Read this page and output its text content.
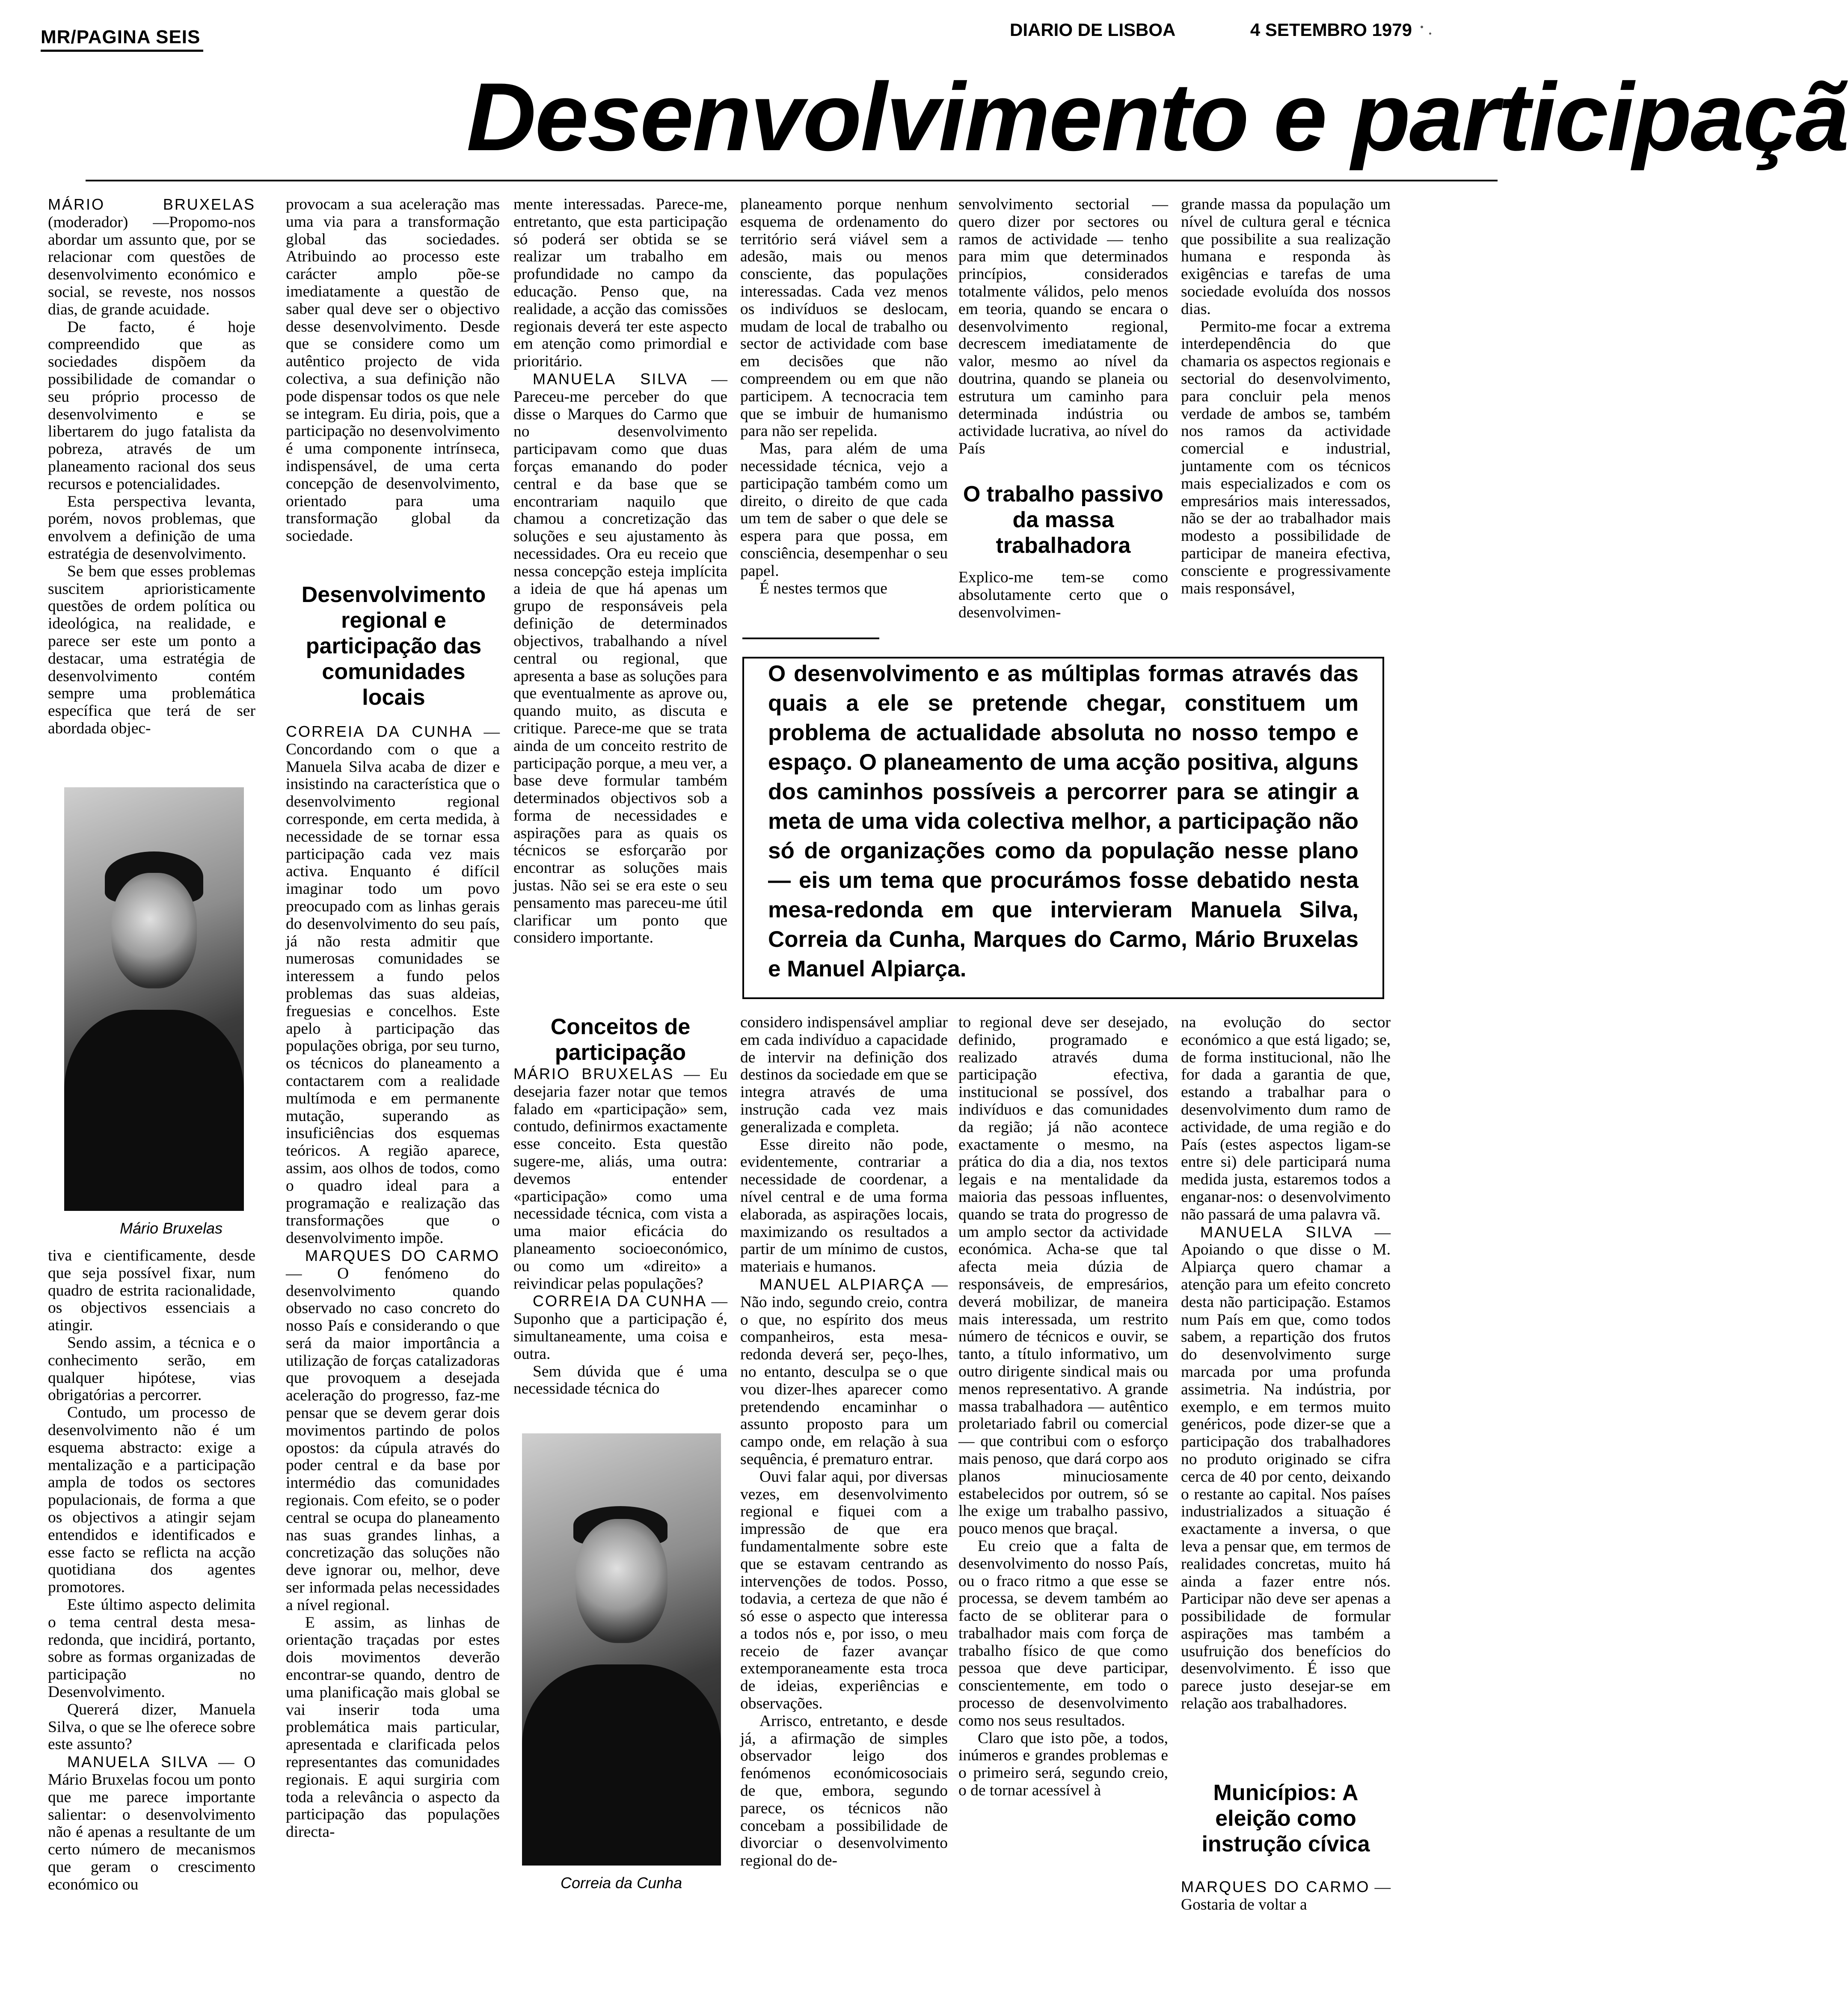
MR/PAGINA SEIS	DIARIO DE LISBOA	4 SETEMBRO 1979
Desenvolvimento e participaçã

MÁRIO BRUXELAS (moderador) —Propomo-nos abordar um assunto que, por se relacionar com questões de desenvolvimento económico e social, se reveste, nos nossos dias, de grande acuidade.

De facto, é hoje compreendido que as sociedades dispõem da possibilidade de comandar o seu próprio processo de desenvolvimento e se libertarem do jugo fatalista da pobreza, através de um planeamento racional dos seus recursos e potencialidades.

Esta perspectiva levanta, porém, novos problemas, que envolvem a definição de uma estratégia de desenvolvimento.

Se bem que esses problemas suscitem aprioristicamente questões de ordem política ou ideológica, na realidade, e parece ser este um ponto a destacar, uma estratégia de desenvolvimento contém sempre uma problemática específica que terá de ser abordada objec-

Mário Bruxelas

tiva e cientificamente, desde que seja possível fixar, num quadro de estrita racionalidade, os objectivos essenciais a atingir.

Sendo assim, a técnica e o conhecimento serão, em qualquer hipótese, vias obrigatórias a percorrer.

Contudo, um processo de desenvolvimento não é um esquema abstracto: exige a mentalização e a participação ampla de todos os sectores populacionais, de forma a que os objectivos a atingir sejam entendidos e identificados e esse facto se reflicta na acção quotidiana dos agentes promotores.

Este último aspecto delimita o tema central desta mesa-redonda, que incidirá, portanto, sobre as formas organizadas de participação no Desenvolvimento.

Quererá dizer, Manuela Silva, o que se lhe oferece sobre este assunto?

MANUELA SILVA — O Mário Bruxelas focou um ponto que me parece importante salientar: o desenvolvimento não é apenas a resultante de um certo número de mecanismos que geram o crescimento económico ou

provocam a sua aceleração mas uma via para a transformação global das sociedades. Atribuindo ao processo este carácter amplo põe-se imediatamente a questão de saber qual deve ser o objectivo desse desenvolvimento. Desde que se considere como um autêntico projecto de vida colectiva, a sua definição não pode dispensar todos os que nele se integram. Eu diria, pois, que a participação no desenvolvimento é uma componente intrínseca, indispensável, de uma certa concepção de desenvolvimento, orientado para uma transformação global da sociedade.

Desenvolvimento regional e participação das comunidades locais

CORREIA DA CUNHA — Concordando com o que a Manuela Silva acaba de dizer e insistindo na característica que o desenvolvimento regional corresponde, em certa medida, à necessidade de se tornar essa participação cada vez mais activa. Enquanto é difícil imaginar todo um povo preocupado com as linhas gerais do desenvolvimento do seu país, já não resta admitir que numerosas comunidades se interessem a fundo pelos problemas das suas aldeias, freguesias e concelhos. Este apelo à participação das populações obriga, por seu turno, os técnicos do planeamento a contactarem com a realidade multímoda e em permanente mutação, superando as insuficiências dos esquemas teóricos. A região aparece, assim, aos olhos de todos, como o quadro ideal para a programação e realização das transformações que o desenvolvimento impõe.

MARQUES DO CARMO — O fenómeno do desenvolvimento quando observado no caso concreto do nosso País e considerando o que será da maior importância a utilização de forças catalizadoras que provoquem a desejada aceleração do progresso, faz-me pensar que se devem gerar dois movimentos partindo de polos opostos: da cúpula através do poder central e da base por intermédio das comunidades regionais. Com efeito, se o poder central se ocupa do planeamento nas suas grandes linhas, a concretização das soluções não deve ignorar ou, melhor, deve ser informada pelas necessidades a nível regional.

E assim, as linhas de orientação traçadas por estes dois movimentos deverão encontrar-se quando, dentro de uma planificação mais global se vai inserir toda uma problemática mais particular, apresentada e clarificada pelos representantes das comunidades regionais. E aqui surgiria com toda a relevância o aspecto da participação das populações directa-

mente interessadas. Parece-me, entretanto, que esta participação só poderá ser obtida se se realizar um trabalho em profundidade no campo da educação. Penso que, na realidade, a acção das comissões regionais deverá ter este aspecto em atenção como primordial e prioritário.

MANUELA SILVA — Pareceu-me perceber do que disse o Marques do Carmo que no desenvolvimento participavam como que duas forças emanando do poder central e da base que se encontrariam naquilo que chamou a concretização das soluções e seu ajustamento às necessidades. Ora eu receio que nessa concepção esteja implícita a ideia de que há apenas um grupo de responsáveis pela definição de determinados objectivos, trabalhando a nível central ou regional, que apresenta a base as soluções para que eventualmente as aprove ou, quando muito, as discuta e critique. Parece-me que se trata ainda de um conceito restrito de participação porque, a meu ver, a base deve formular também determinados objectivos sob a forma de necessidades e aspirações para as quais os técnicos se esforçarão por encontrar as soluções mais justas. Não sei se era este o seu pensamento mas pareceu-me útil clarificar um ponto que considero importante.

Conceitos de participação

MÁRIO BRUXELAS — Eu desejaria fazer notar que temos falado em «participação» sem, contudo, definirmos exactamente esse conceito. Esta questão sugere-me, aliás, uma outra: devemos entender «participação» como uma necessidade técnica, com vista a uma maior eficácia do planeamento socioeconómico, ou como um «direito» a reivindicar pelas populações?

CORREIA DA CUNHA — Suponho que a participação é, simultaneamente, uma coisa e outra.

Sem dúvida que é uma necessidade técnica do

Correia da Cunha

planeamento porque nenhum esquema de ordenamento do território será viável sem a adesão, mais ou menos consciente, das populações interessadas. Cada vez menos os indivíduos se deslocam, mudam de local de trabalho ou sector de actividade com base em decisões que não compreendem ou em que não participem. A tecnocracia tem que se imbuir de humanismo para não ser repelida.

Mas, para além de uma necessidade técnica, vejo a participação também como um direito, o direito de que cada um tem de saber o que dele se espera para que possa, em consciência, desempenhar o seu papel.

É nestes termos que

considero indispensável ampliar em cada indivíduo a capacidade de intervir na definição dos destinos da sociedade em que se integra através de uma instrução cada vez mais generalizada e completa.

Esse direito não pode, evidentemente, contrariar a necessidade de coordenar, a nível central e de uma forma elaborada, as aspirações locais, maximizando os resultados a partir de um mínimo de custos, materiais e humanos.

MANUEL ALPIARÇA — Não indo, segundo creio, contra o que, no espírito dos meus companheiros, esta mesa-redonda deverá ser, peço-lhes, no entanto, desculpa se o que vou dizer-lhes aparecer como pretendendo encaminhar o assunto proposto para um campo onde, em relação à sua sequência, é prematuro entrar.

Ouvi falar aqui, por diversas vezes, em desenvolvimento regional e fiquei com a impressão de que era fundamentalmente sobre este que se estavam centrando as intervenções de todos. Posso, todavia, a certeza de que não é só esse o aspecto que interessa a todos nós e, por isso, o meu receio de fazer avançar extemporaneamente esta troca de ideias, experiências e observações.

Arrisco, entretanto, e desde já, a afirmação de simples observador leigo dos fenómenos económicosociais de que, embora, segundo parece, os técnicos não concebam a possibilidade de divorciar o desenvolvimento regional do de-

senvolvimento sectorial — quero dizer por sectores ou ramos de actividade — tenho para mim que determinados princípios, considerados totalmente válidos, pelo menos em teoria, quando se encara o desenvolvimento regional, decrescem imediatamente de valor, mesmo ao nível da doutrina, quando se planeia ou estrutura um caminho para determinada indústria ou actividade lucrativa, ao nível do País

O trabalho passivo da massa trabalhadora

Explico-me tem-se como absolutamente certo que o desenvolvimen-

to regional deve ser desejado, definido, programado e realizado através duma participação efectiva, institucional se possível, dos indivíduos e das comunidades da região; já não acontece exactamente o mesmo, na prática do dia a dia, nos textos legais e na mentalidade da maioria das pessoas influentes, quando se trata do progresso de um amplo sector da actividade económica. Acha-se que tal afecta meia dúzia de responsáveis, de empresários, deverá mobilizar, de maneira mais interessada, um restrito número de técnicos e ouvir, se tanto, a título informativo, um outro dirigente sindical mais ou menos representativo. A grande massa trabalhadora — autêntico proletariado fabril ou comercial — que contribui com o esforço mais penoso, que dará corpo aos planos minuciosamente estabelecidos por outrem, só se lhe exige um trabalho passivo, pouco menos que braçal.

Eu creio que a falta de desenvolvimento do nosso País, ou o fraco ritmo a que esse se processa, se devem também ao facto de se obliterar para o trabalhador mais com força de trabalho físico de que como pessoa que deve participar, conscientemente, em todo o processo de desenvolvimento como nos seus resultados.

Claro que isto põe, a todos, inúmeros e grandes problemas e o primeiro será, segundo creio, o de tornar acessível à

grande massa da população um nível de cultura geral e técnica que possibilite a sua realização humana e responda às exigências e tarefas de uma sociedade evoluída dos nossos dias.

Permito-me focar a extrema interdependência do que chamaria os aspectos regionais e sectorial do desenvolvimento, para concluir pela menos verdade de ambos se, também nos ramos da actividade comercial e industrial, juntamente com os técnicos mais especializados e com os empresários mais interessados, não se der ao trabalhador mais modesto a possibilidade de participar de maneira efectiva, consciente e progressivamente mais responsável,

na evolução do sector económico a que está ligado; se, de forma institucional, não lhe for dada a garantia de que, estando a trabalhar para o desenvolvimento dum ramo de actividade, de uma região e do País (estes aspectos ligam-se entre si) dele participará numa medida justa, estaremos todos a enganar-nos: o desenvolvimento não passará de uma palavra vã.

MANUELA SILVA — Apoiando o que disse o M. Alpiarça quero chamar a atenção para um efeito concreto desta não participação. Estamos num País em que, como todos sabem, a repartição dos frutos do desenvolvimento surge marcada por uma profunda assimetria. Na indústria, por exemplo, e em termos muito genéricos, pode dizer-se que a participação dos trabalhadores no produto originado se cifra cerca de 40 por cento, deixando o restante ao capital. Nos países industrializados a situação é exactamente a inversa, o que leva a pensar que, em termos de realidades concretas, muito há ainda a fazer entre nós. Participar não deve ser apenas a possibilidade de formular aspirações mas também a usufruição dos benefícios do desenvolvimento. É isso que parece justo desejar-se em relação aos trabalhadores.

Municípios: A eleição como instrução cívica

MARQUES DO CARMO — Gostaria de voltar a

O desenvolvimento e as múltiplas formas através das quais a ele se pretende chegar, constituem um problema de actualidade absoluta no nosso tempo e espaço. O planeamento de uma acção positiva, alguns dos caminhos possíveis a percorrer para se atingir a meta de uma vida colectiva melhor, a participação não só de organizações como da população nesse plano — eis um tema que procurámos fosse debatido nesta mesa-redonda em que intervieram Manuela Silva, Correia da Cunha, Marques do Carmo, Mário Bruxelas e Manuel Alpiarça.
